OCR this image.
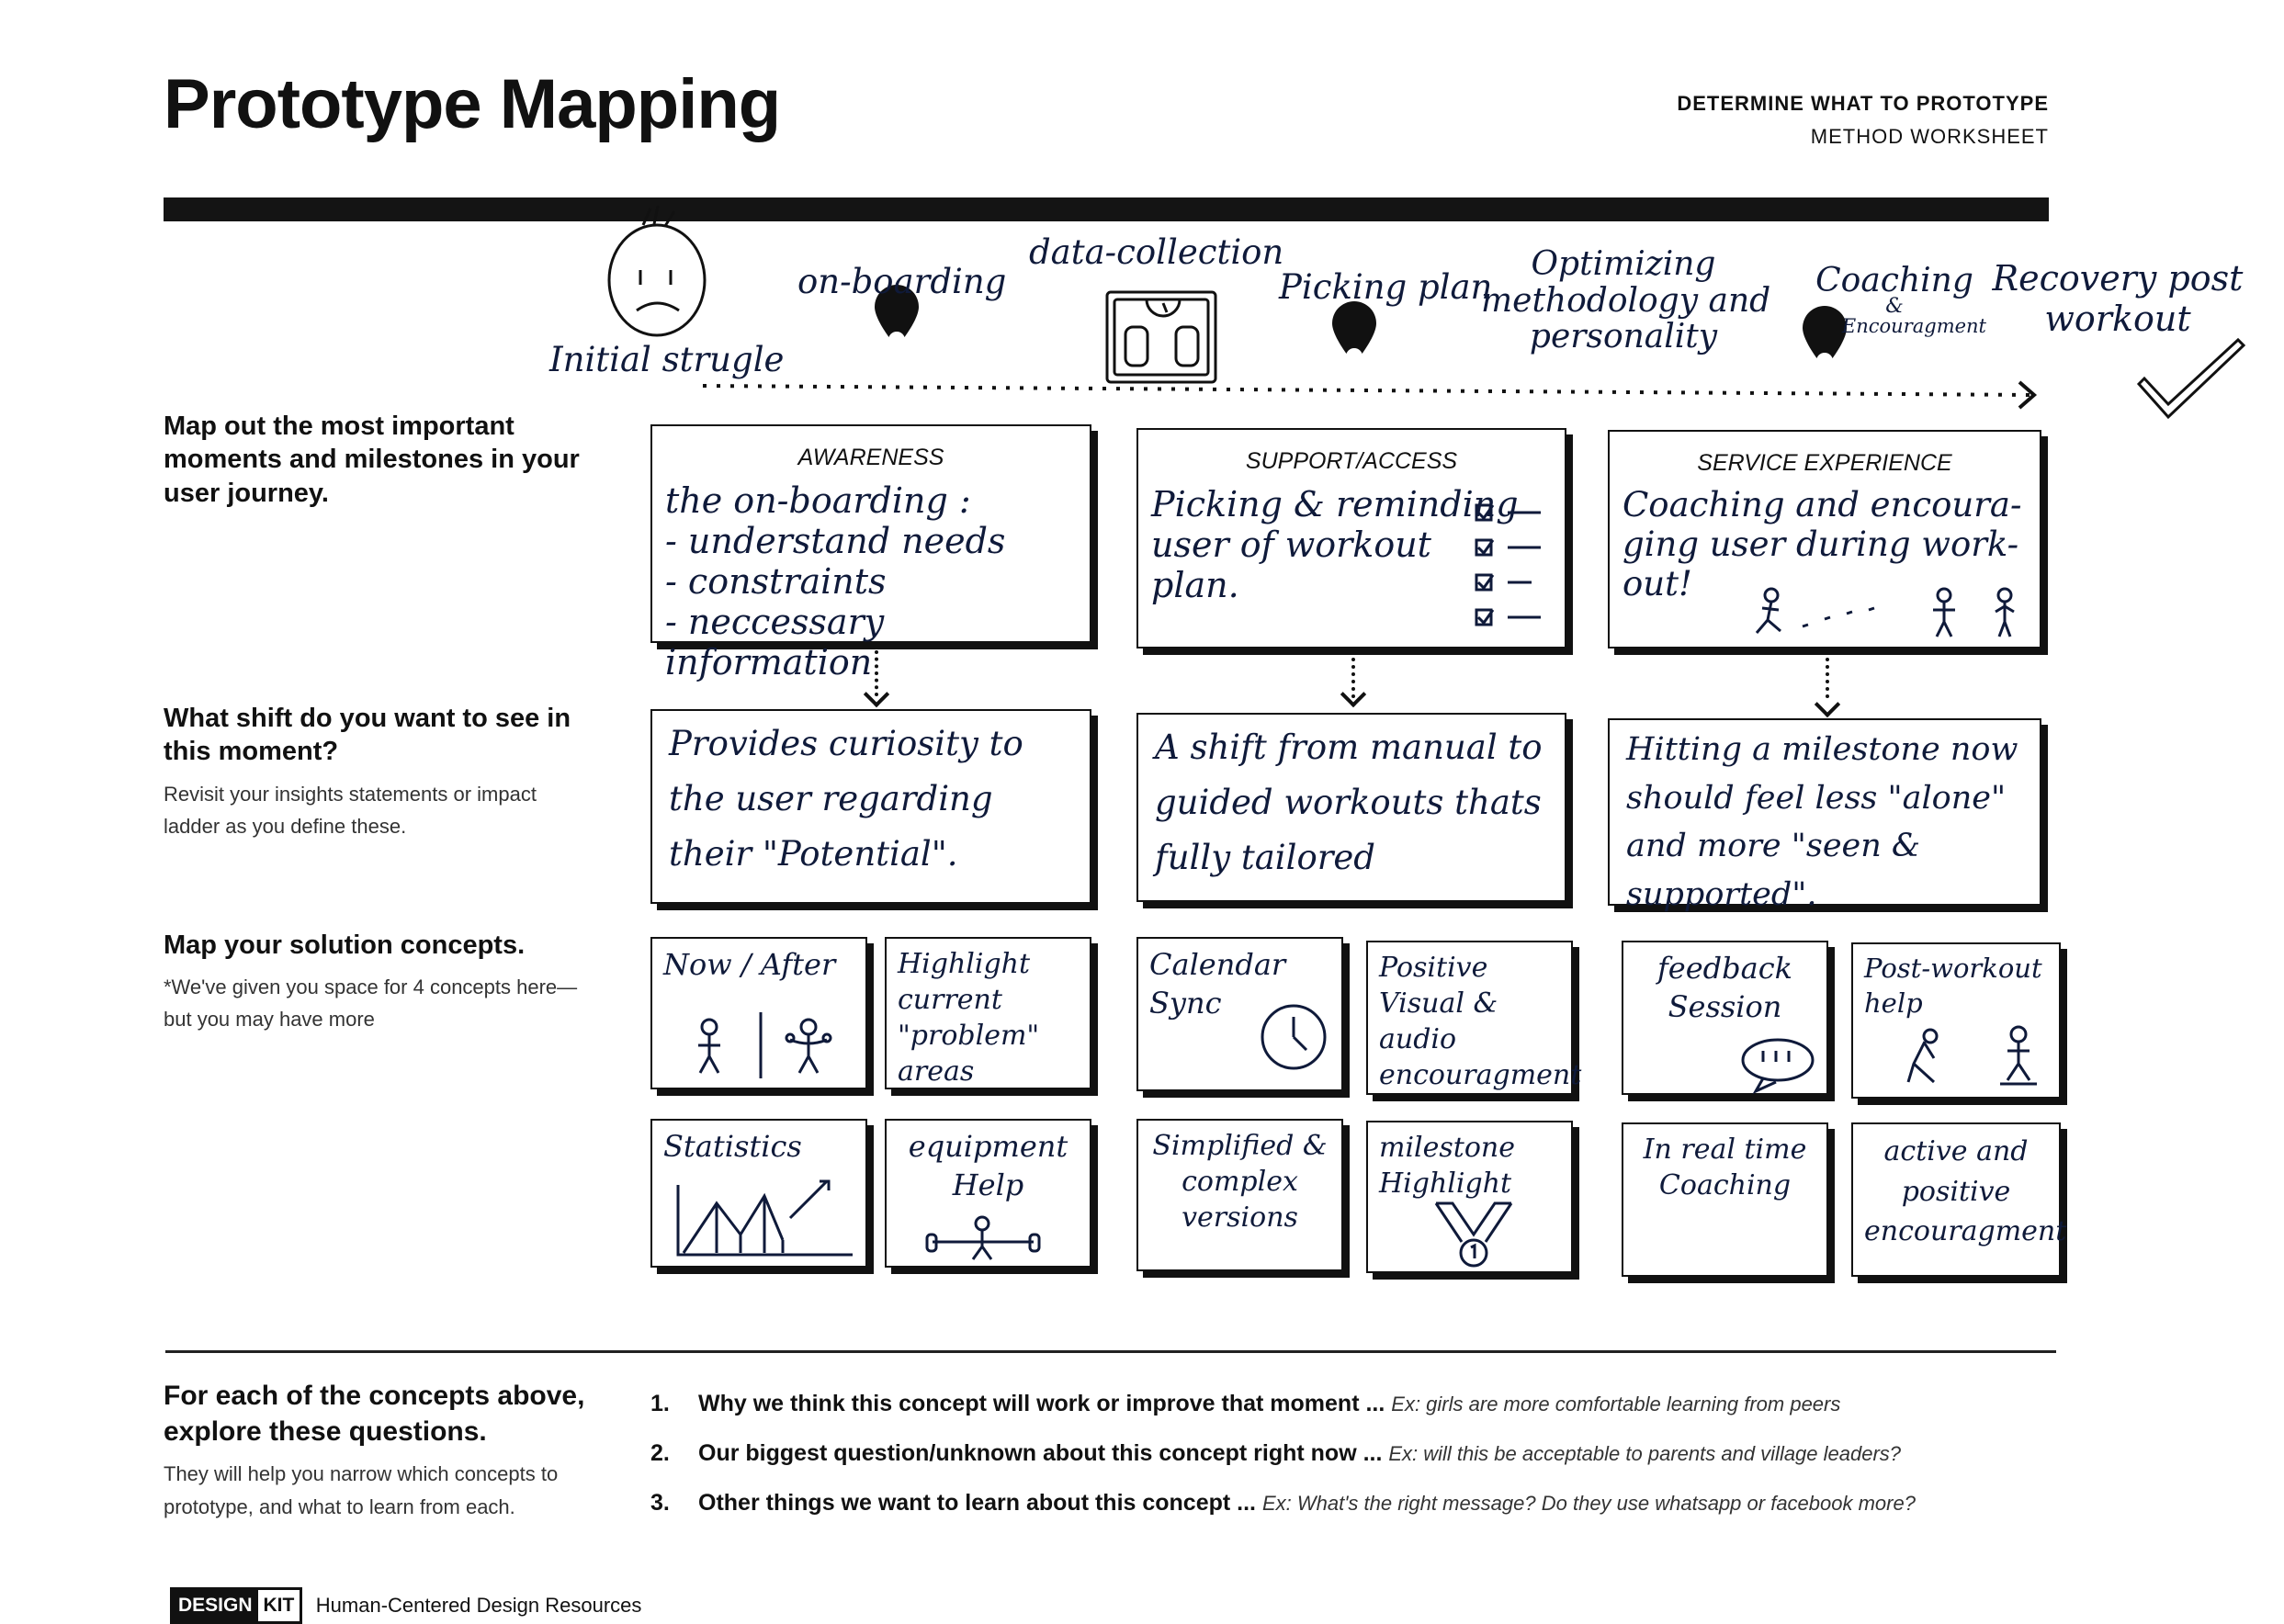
Prototype Mapping	DETERMINE WHAT TO PROTOTYPE
METHOD WORKSHEET
Initial strugle
on-boarding
data-collection
Picking plan
Optimizing
methodology and
personality
Coaching
&
Encouragment
Recovery post
workout
Map out the most important moments and milestones in your user journey.
What shift do you want to see in this moment?
Revisit your insights statements or impact ladder as you define these.
Map your solution concepts.
*We've given you space for 4 concepts here—but you may have more
AWARENESS
the on-boarding :
- understand needs
- constraints
- neccessary information
Provides curiosity to the user regarding their "Potential".
Now / After	Highlight current "problem" areas
Statistics	equipment Help
SUPPORT/ACCESS
Picking & reminding
user of workout
plan.
A shift from manual to guided workouts thats fully tailored
Calendar Sync
Positive Visual & audio encouragment
Simplified & complex versions
milestone Highlight
SERVICE EXPERIENCE
Coaching and encoura-
ging user during work-
out!
Hitting a milestone now should feel less "alone" and more "seen & supported".
feedback Session
Post-workout help
In real time Coaching
active and positive encouragment
For each of the concepts above, explore these questions.
They will help you narrow which concepts to prototype, and what to learn from each.
1. Why we think this concept will work or improve that moment ... Ex: girls are more comfortable learning from peers
2. Our biggest question/unknown about this concept right now ... Ex: will this be acceptable to parents and village leaders?
3. Other things we want to learn about this concept ... Ex: What's the right message? Do they use whatsapp or facebook more?
DESIGN KIT Human-Centered Design Resources
